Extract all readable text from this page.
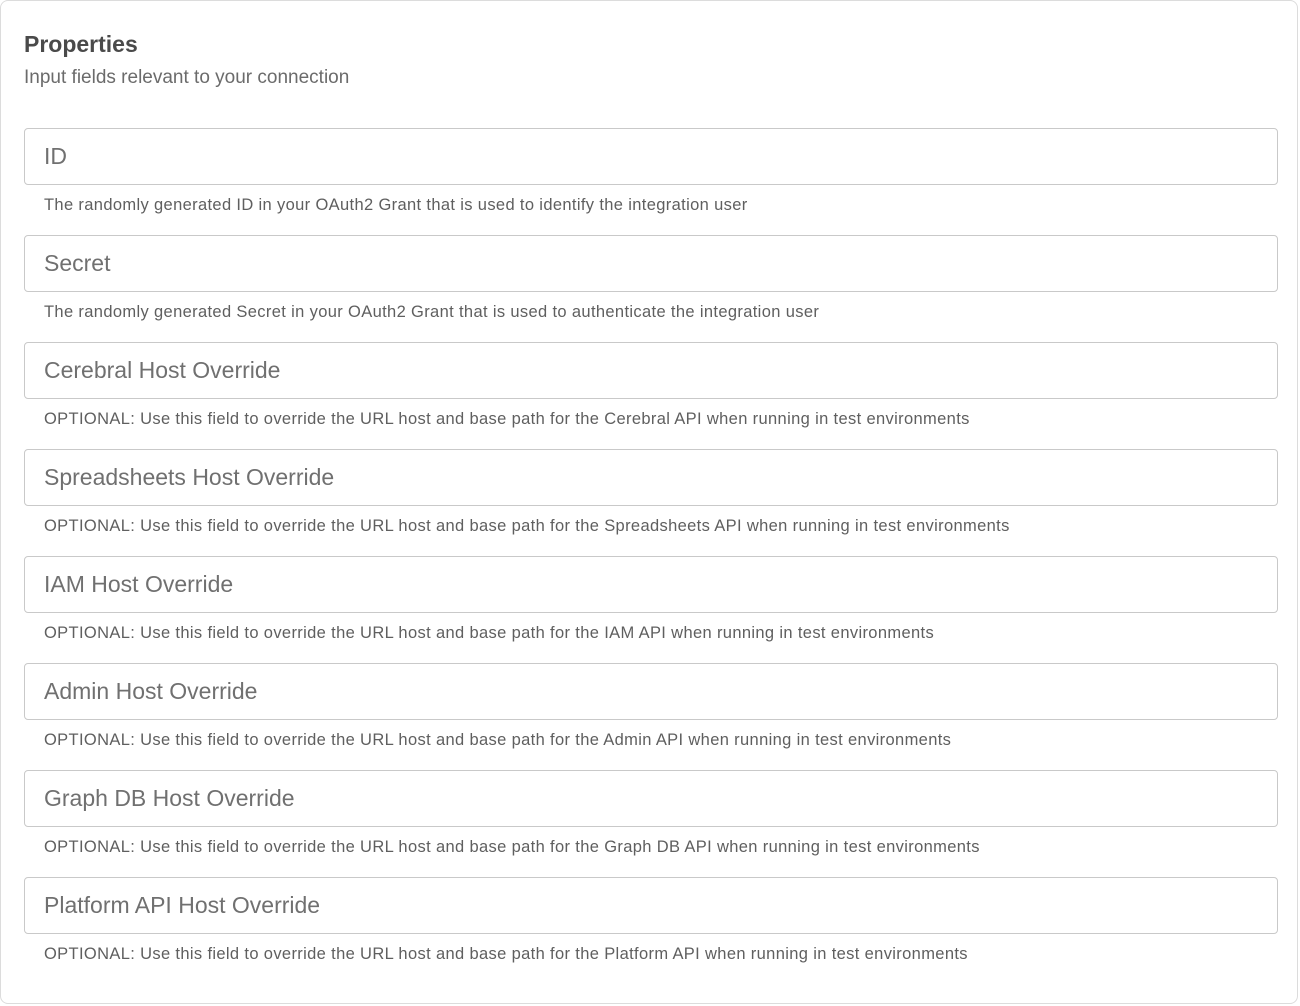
Properties

Input fields relevant to your connection

ID
The randomly generated ID in your OAuth2 Grant that is used to identify the integration user
Secret
The randomly generated Secret in your OAuth2 Grant that is used to authenticate the integration user
Cerebral Host Override
OPTIONAL: Use this field to override the URL host and base path for the Cerebral API when running in test environments
Spreadsheets Host Override
OPTIONAL: Use this field to override the URL host and base path for the Spreadsheets API when running in test environments
IAM Host Override
OPTIONAL: Use this field to override the URL host and base path for the IAM API when running in test environments
Admin Host Override
OPTIONAL: Use this field to override the URL host and base path for the Admin API when running in test environments
Graph DB Host Override
OPTIONAL: Use this field to override the URL host and base path for the Graph DB API when running in test environments
Platform API Host Override
OPTIONAL: Use this field to override the URL host and base path for the Platform API when running in test environments
